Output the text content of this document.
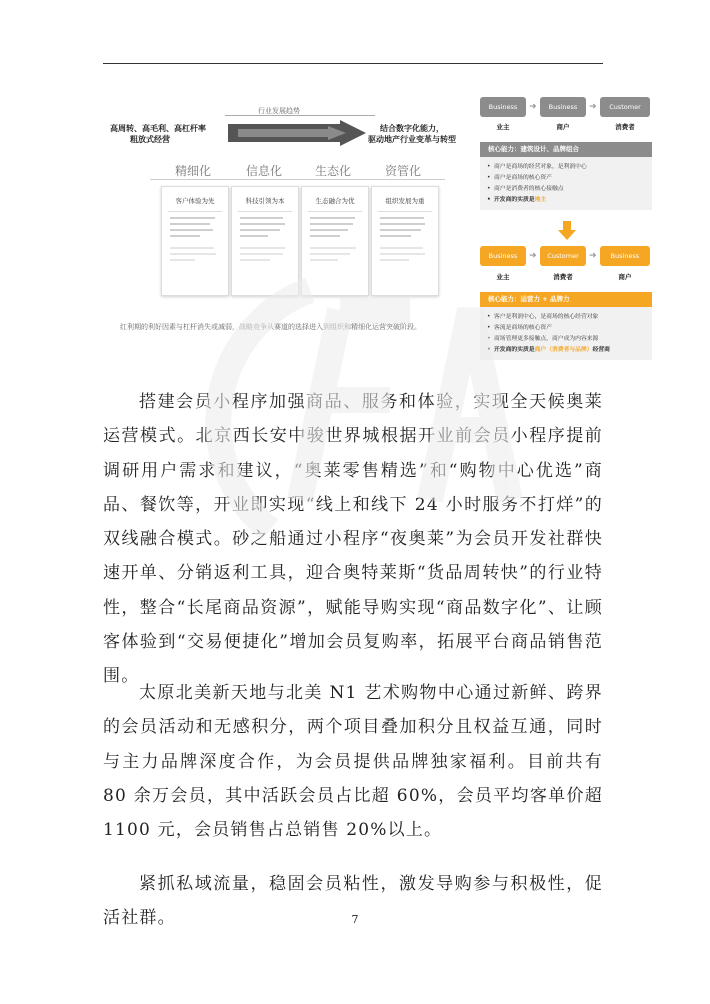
行业发展趋势
高周转、高毛利、高杠杆率
粗放式经营
结合数字化能力，
驱动地产行业变革与转型
精细化	信息化	生态化	资管化
客户体验为先	科技引领为本	生态融合为优	组织发展为重
红利期的利好因素与杠杆消失或减弱，战略竞争从赛道的选择进入到组织和精细化运营突破阶段。
Business	➜	Business	➜	Customer
业主	商户	消费者
核心能力：建筑设计、品牌组合
• 商户是商场的经营对象，是利润中心
• 商户是商场的核心资产
• 商户是消费者的核心接触点
• 开发商的实质是地主
Business	➜	Customer	➜	Business
业主	消费者	商户
核心能力：运营力 + 品牌力
• 客户是利润中心，是商场的核心经营对象
• 客流是商场的核心资产
• 商场管理更多接触点，商户成为内容来源
• 开发商的实质是商户（消费者与品牌）经营商
搭建会员小程序加强商品、服务和体验，实现全天候奥莱运营模式。北京西长安中骏世界城根据开业前会员小程序提前调研用户需求和建议，“奥莱零售精选”和“购物中心优选”商品、餐饮等，开业即实现“线上和线下 24 小时服务不打烊”的双线融合模式。砂之船通过小程序“夜奥莱”为会员开发社群快速开单、分销返利工具，迎合奥特莱斯“货品周转快”的行业特性，整合“长尾商品资源”，赋能导购实现“商品数字化”、让顾客体验到“交易便捷化”增加会员复购率，拓展平台商品销售范围。
太原北美新天地与北美 N1 艺术购物中心通过新鲜、跨界的会员活动和无感积分，两个项目叠加积分且权益互通，同时与主力品牌深度合作，为会员提供品牌独家福利。目前共有 80 余万会员，其中活跃会员占比超 60%，会员平均客单价超 1100 元，会员销售占总销售 20%以上。
紧抓私域流量，稳固会员粘性，激发导购参与积极性，促活社群。	7
